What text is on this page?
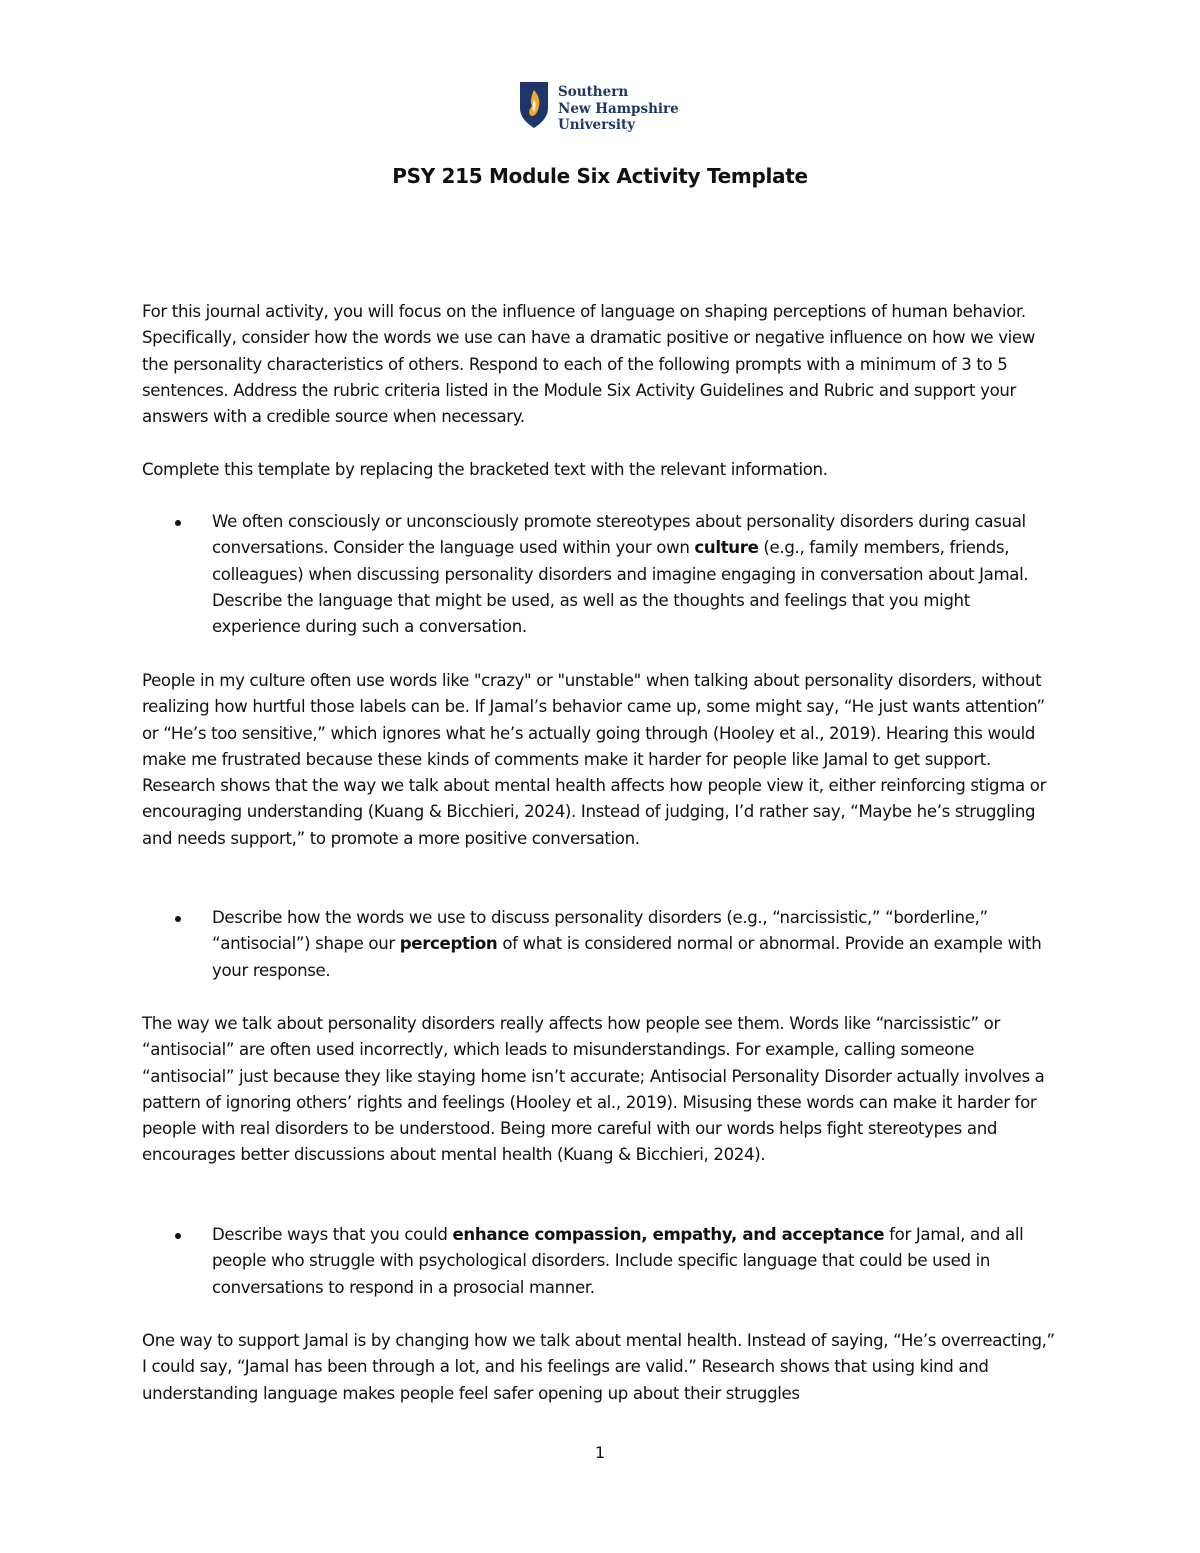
Southern
New Hampshire
University
PSY 215 Module Six Activity Template

For this journal activity, you will focus on the influence of language on shaping perceptions of human behavior. Specifically, consider how the words we use can have a dramatic positive or negative influence on how we view the personality characteristics of others. Respond to each of the following prompts with a minimum of 3 to 5 sentences. Address the rubric criteria listed in the Module Six Activity Guidelines and Rubric and support your answers with a credible source when necessary.

Complete this template by replacing the bracketed text with the relevant information.

We often consciously or unconsciously promote stereotypes about personality disorders during casual conversations. Consider the language used within your own culture (e.g., family members, friends, colleagues) when discussing personality disorders and imagine engaging in conversation about Jamal. Describe the language that might be used, as well as the thoughts and feelings that you might experience during such a conversation.

People in my culture often use words like "crazy" or "unstable" when talking about personality disorders, without realizing how hurtful those labels can be. If Jamal’s behavior came up, some might say, “He just wants attention” or “He’s too sensitive,” which ignores what he’s actually going through (Hooley et al., 2019). Hearing this would make me frustrated because these kinds of comments make it harder for people like Jamal to get support. Research shows that the way we talk about mental health affects how people view it, either reinforcing stigma or encouraging understanding (Kuang & Bicchieri, 2024). Instead of judging, I’d rather say, “Maybe he’s struggling and needs support,” to promote a more positive conversation.

Describe how the words we use to discuss personality disorders (e.g., “narcissistic,” “borderline,” “antisocial”) shape our perception of what is considered normal or abnormal. Provide an example with your response.

The way we talk about personality disorders really affects how people see them. Words like “narcissistic” or “antisocial” are often used incorrectly, which leads to misunderstandings. For example, calling someone “antisocial” just because they like staying home isn’t accurate; Antisocial Personality Disorder actually involves a pattern of ignoring others’ rights and feelings (Hooley et al., 2019). Misusing these words can make it harder for people with real disorders to be understood. Being more careful with our words helps fight stereotypes and encourages better discussions about mental health (Kuang & Bicchieri, 2024).

Describe ways that you could enhance compassion, empathy, and acceptance for Jamal, and all people who struggle with psychological disorders. Include specific language that could be used in conversations to respond in a prosocial manner.

One way to support Jamal is by changing how we talk about mental health. Instead of saying, “He’s overreacting,” I could say, “Jamal has been through a lot, and his feelings are valid.” Research shows that using kind and understanding language makes people feel safer opening up about their struggles

1
